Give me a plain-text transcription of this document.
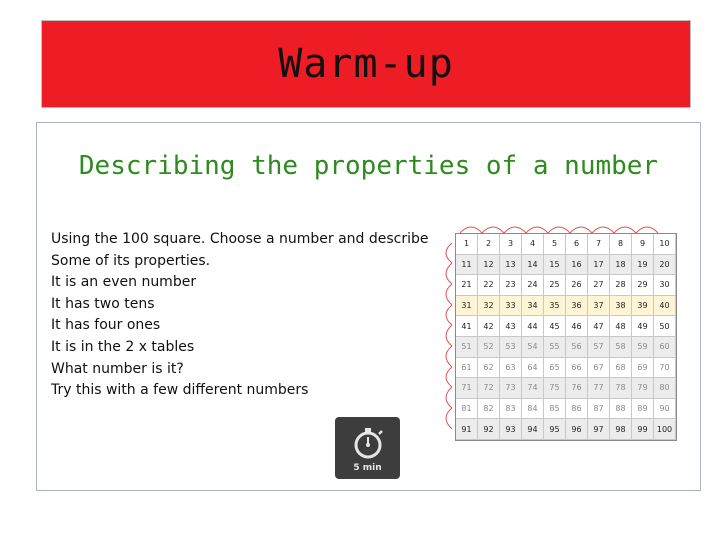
Warm-up
Describing the properties of a number
Using the 100 square. Choose a number and describe
Some of its properties.
It is an even number
It has two tens
It has four ones
It is in the 2 x tables
What number is it?
Try this with a few different numbers
1	2	3	4	5	6	7	8	9	10
11	12	13	14	15	16	17	18	19	20
21	22	23	24	25	26	27	28	29	30
31	32	33	34	35	36	37	38	39	40
41	42	43	44	45	46	47	48	49	50
51	52	53	54	55	56	57	58	59	60
61	62	63	64	65	66	67	68	69	70
71	72	73	74	75	76	77	78	79	80
81	82	83	84	85	86	87	88	89	90
91	92	93	94	95	96	97	98	99	100
5 min
